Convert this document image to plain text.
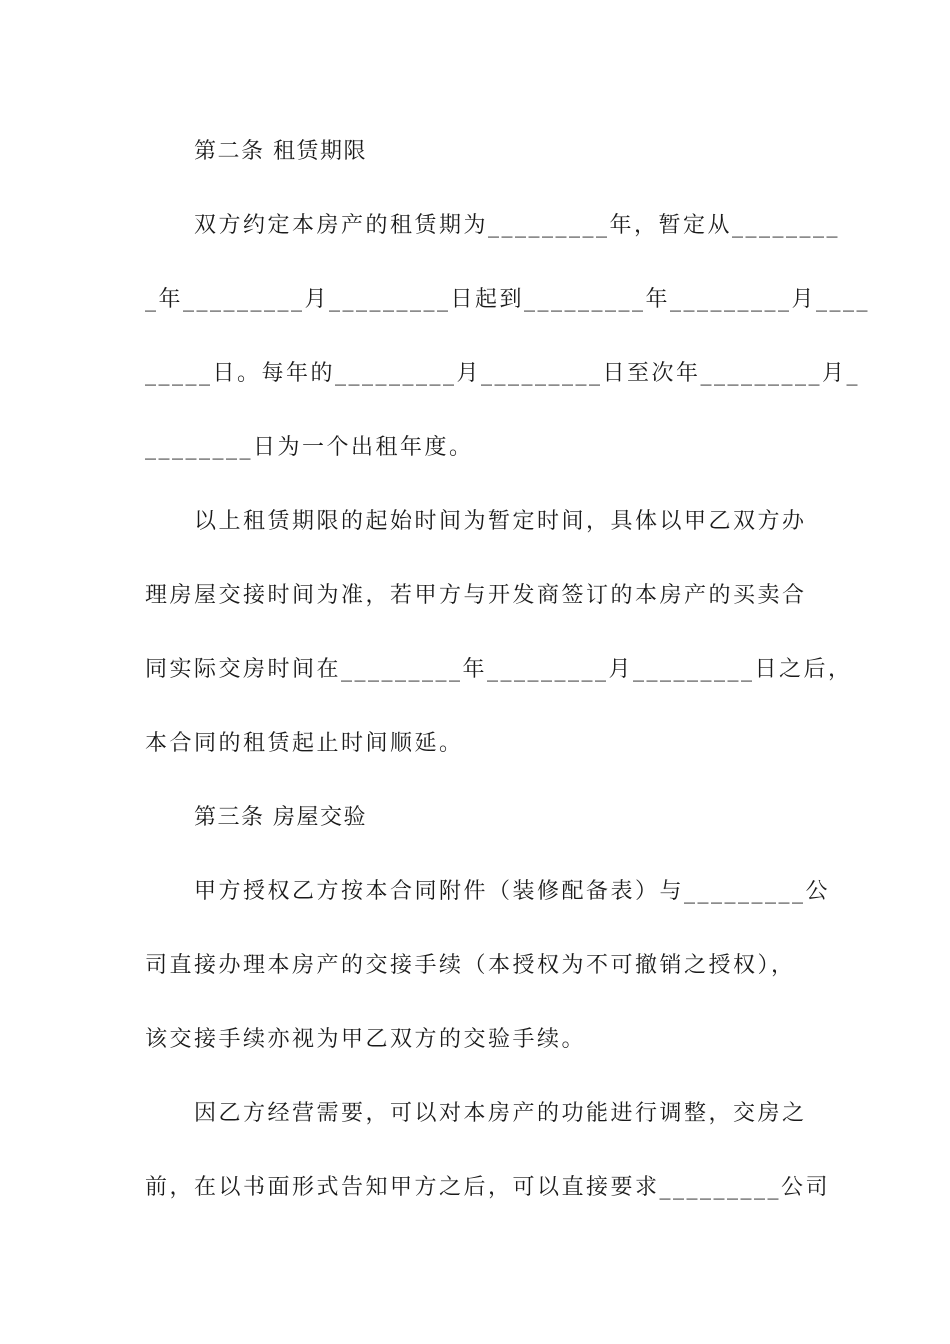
第二条 租赁期限

双方约定本房产的租赁期为_________年，暂定从________

_年_________月_________日起到_________年_________月____

_____日。每年的_________月_________日至次年_________月_

________日为一个出租年度。

以上租赁期限的起始时间为暂定时间，具体以甲乙双方办

理房屋交接时间为准，若甲方与开发商签订的本房产的买卖合

同实际交房时间在_________年_________月_________日之后，

本合同的租赁起止时间顺延。

第三条 房屋交验

甲方授权乙方按本合同附件（装修配备表）与_________公

司直接办理本房产的交接手续（本授权为不可撤销之授权），

该交接手续亦视为甲乙双方的交验手续。

因乙方经营需要，可以对本房产的功能进行调整，交房之

前，在以书面形式告知甲方之后，可以直接要求_________公司
